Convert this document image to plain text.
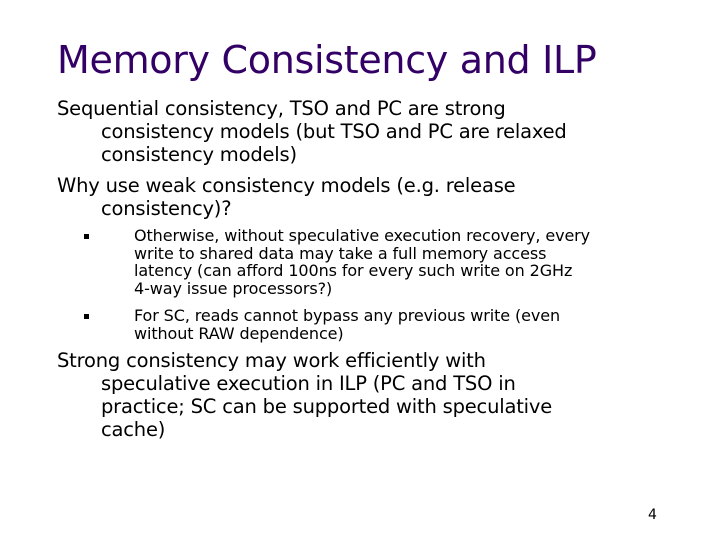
Memory Consistency and ILP
Sequential consistency, TSO and PC are strong
consistency models (but TSO and PC are relaxed
consistency models)
Why use weak consistency models (e.g. release
consistency)?
Otherwise, without speculative execution recovery, every
write to shared data may take a full memory access
latency (can afford 100ns for every such write on 2GHz
4-way issue processors?)
For SC, reads cannot bypass any previous write (even
without RAW dependence)
Strong consistency may work efficiently with
speculative execution in ILP (PC and TSO in
practice; SC can be supported with speculative
cache)
4
